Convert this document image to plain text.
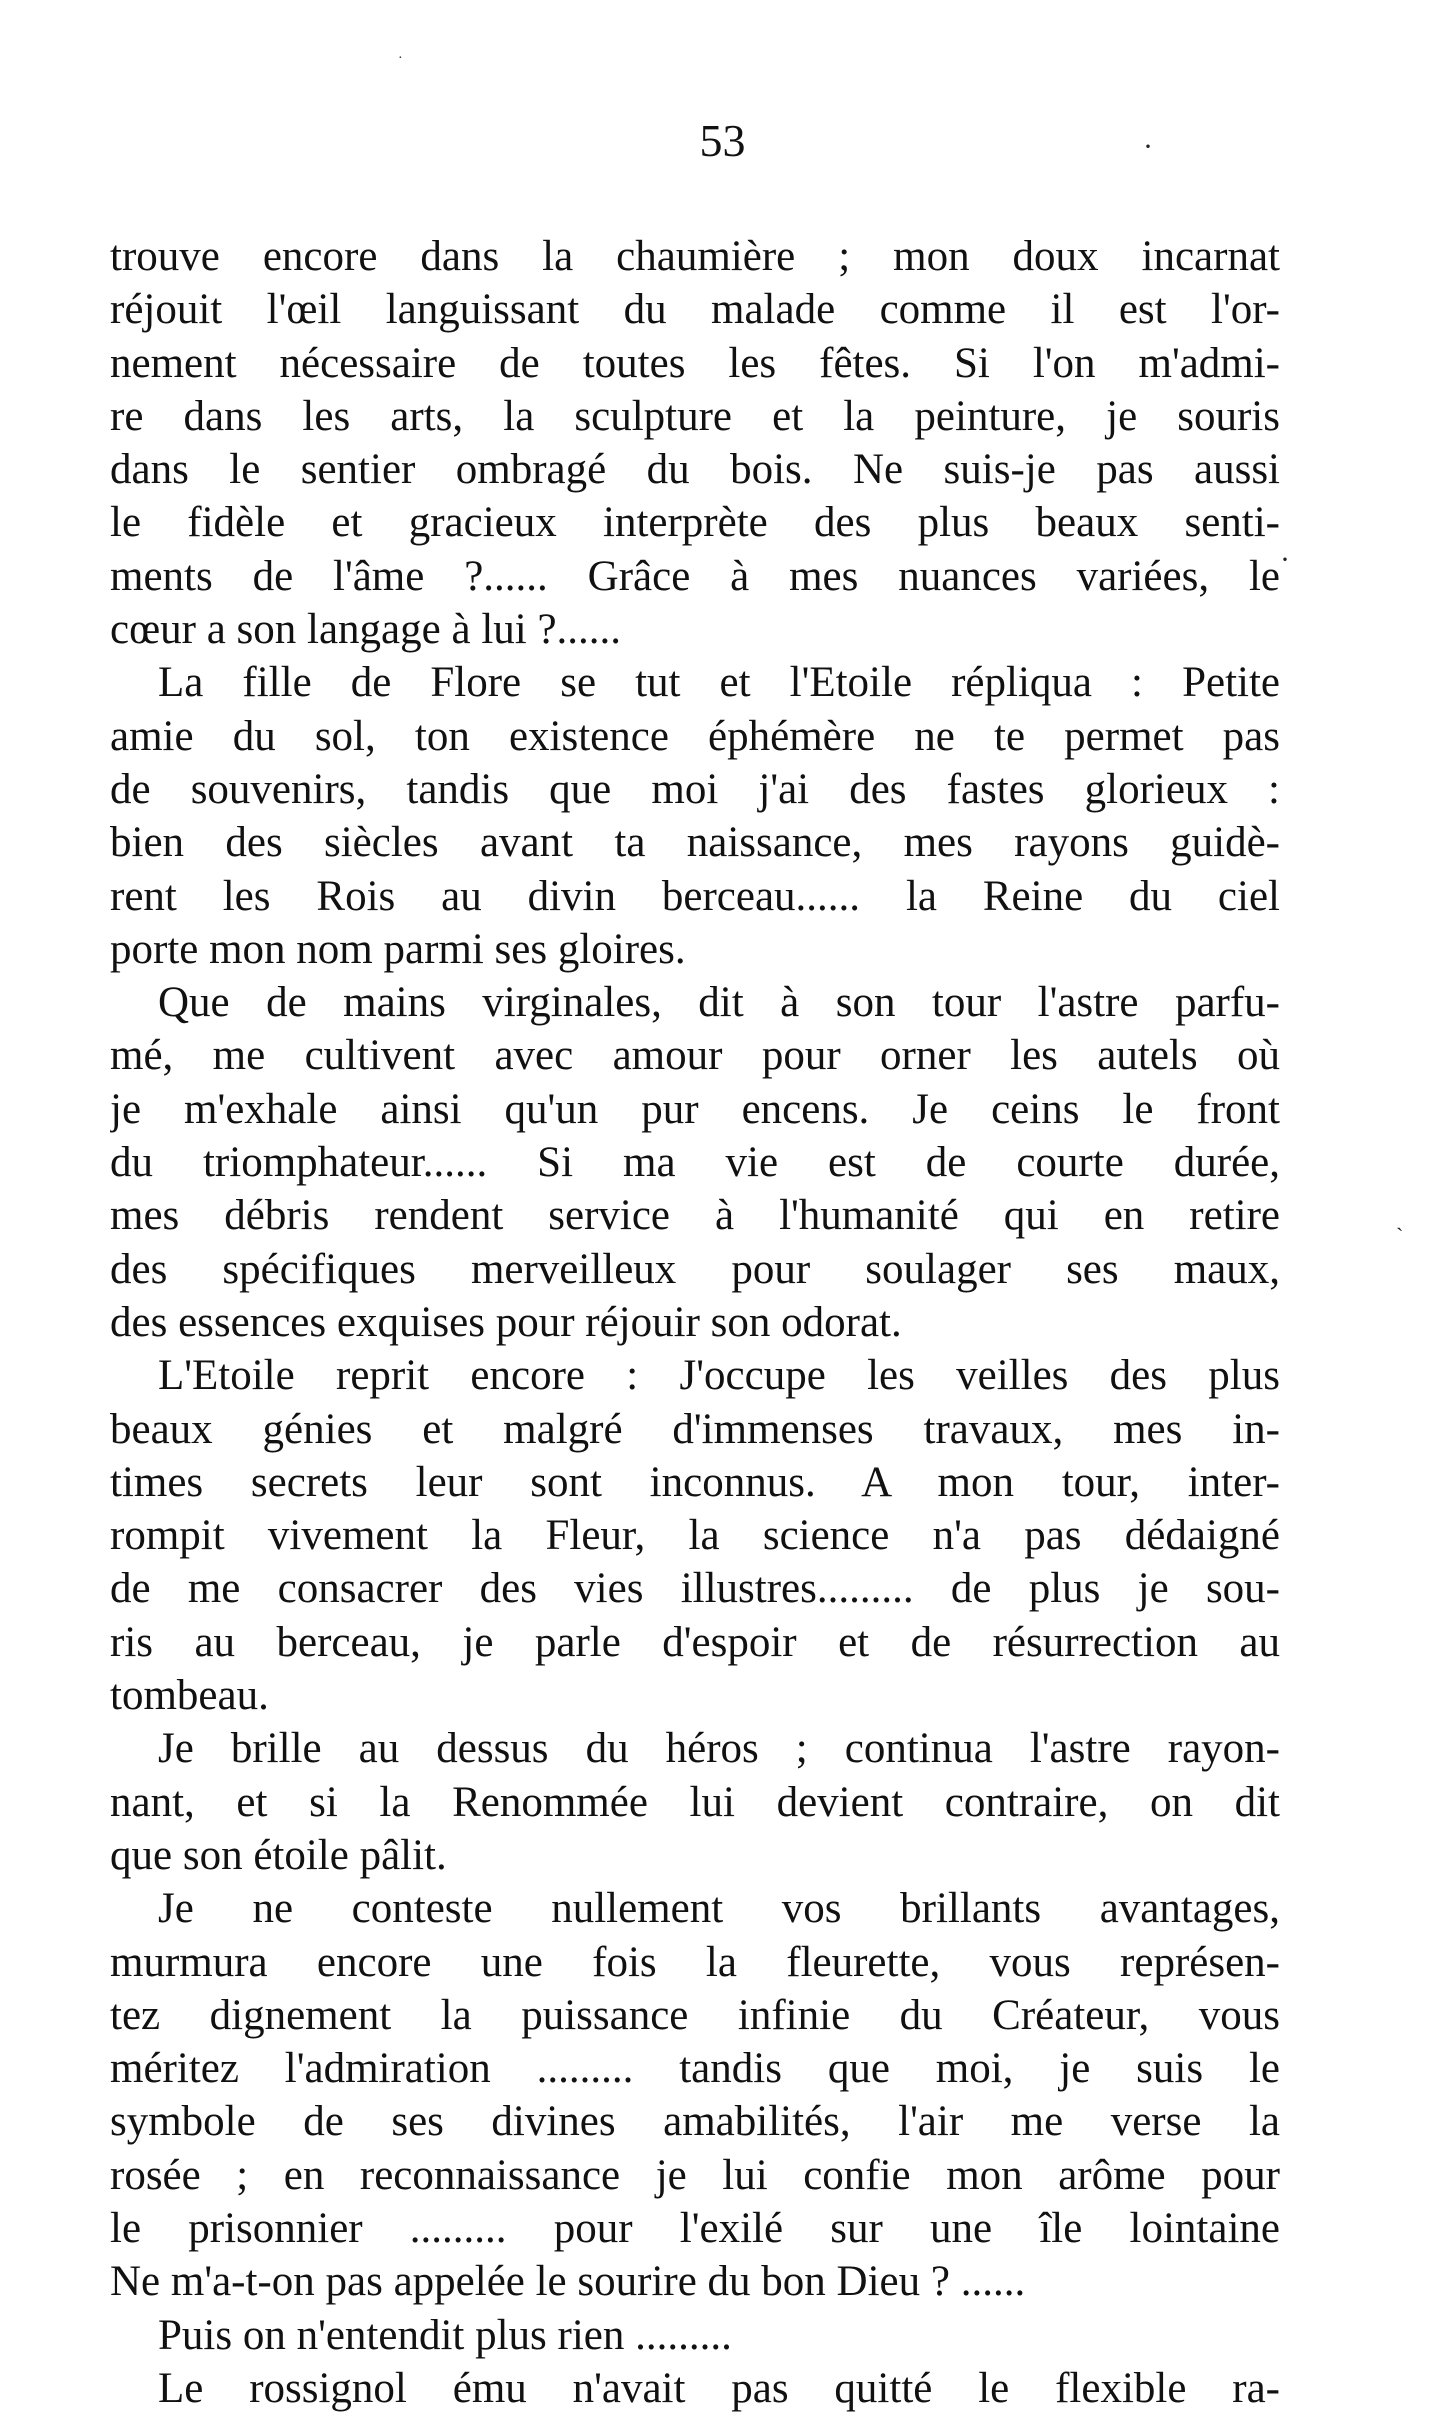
53
·
·
·
`
trouve encore dans la chaumière ; mon doux incarnat
réjouit l'œil languissant du malade comme il est l'or-
nement nécessaire de toutes les fêtes. Si l'on m'admi-
re dans les arts, la sculpture et la peinture, je souris
dans le sentier ombragé du bois. Ne suis-je pas aussi
le fidèle et gracieux interprète des plus beaux senti-
ments de l'âme ?...... Grâce à mes nuances variées, le
cœur a son langage à lui ?......
La fille de Flore se tut et l'Etoile répliqua : Petite
amie du sol, ton existence éphémère ne te permet pas
de souvenirs, tandis que moi j'ai des fastes glorieux :
bien des siècles avant ta naissance, mes rayons guidè-
rent les Rois au divin berceau...... la Reine du ciel
porte mon nom parmi ses gloires.
Que de mains virginales, dit à son tour l'astre parfu-
mé, me cultivent avec amour pour orner les autels où
je m'exhale ainsi qu'un pur encens. Je ceins le front
du triomphateur...... Si ma vie est de courte durée,
mes débris rendent service à l'humanité qui en retire
des spécifiques merveilleux pour soulager ses maux,
des essences exquises pour réjouir son odorat.
L'Etoile reprit encore : J'occupe les veilles des plus
beaux génies et malgré d'immenses travaux, mes in-
times secrets leur sont inconnus. A mon tour, inter-
rompit vivement la Fleur, la science n'a pas dédaigné
de me consacrer des vies illustres......... de plus je sou-
ris au berceau, je parle d'espoir et de résurrection au
tombeau.
Je brille au dessus du héros ; continua l'astre rayon-
nant, et si la Renommée lui devient contraire, on dit
que son étoile pâlit.
Je ne conteste nullement vos brillants avantages,
murmura encore une fois la fleurette, vous représen-
tez dignement la puissance infinie du Créateur, vous
méritez l'admiration ......... tandis que moi, je suis le
symbole de ses divines amabilités, l'air me verse la
rosée ; en reconnaissance je lui confie mon arôme pour
le prisonnier ......... pour l'exilé sur une île lointaine
Ne m'a-t-on pas appelée le sourire du bon Dieu ? ......
Puis on n'entendit plus rien .........
Le rossignol ému n'avait pas quitté le flexible ra-
